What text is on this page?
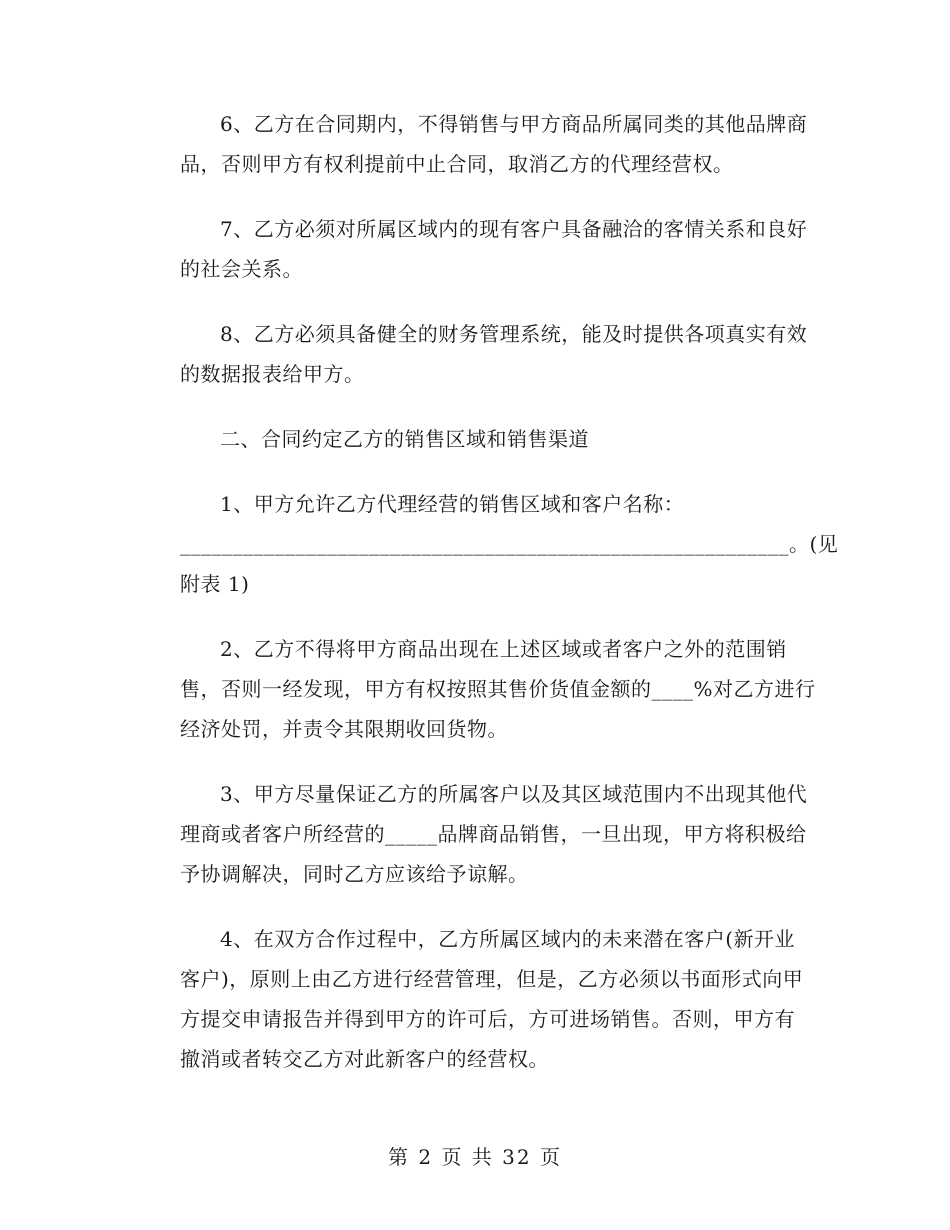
6、乙方在合同期内，不得销售与甲方商品所属同类的其他品牌商
品，否则甲方有权利提前中止合同，取消乙方的代理经营权。

7、乙方必须对所属区域内的现有客户具备融洽的客情关系和良好
的社会关系。

8、乙方必须具备健全的财务管理系统，能及时提供各项真实有效
的数据报表给甲方。

二、合同约定乙方的销售区域和销售渠道

1、甲方允许乙方代理经营的销售区域和客户名称：
__________________________________________________________。(见
附表 1)

2、乙方不得将甲方商品出现在上述区域或者客户之外的范围销
售，否则一经发现，甲方有权按照其售价货值金额的____%对乙方进行
经济处罚，并责令其限期收回货物。

3、甲方尽量保证乙方的所属客户以及其区域范围内不出现其他代
理商或者客户所经营的_____品牌商品销售，一旦出现，甲方将积极给
予协调解决，同时乙方应该给予谅解。

4、在双方合作过程中，乙方所属区域内的未来潜在客户(新开业
客户)，原则上由乙方进行经营管理，但是，乙方必须以书面形式向甲
方提交申请报告并得到甲方的许可后，方可进场销售。否则，甲方有
撤消或者转交乙方对此新客户的经营权。

第 2 页 共 32 页
